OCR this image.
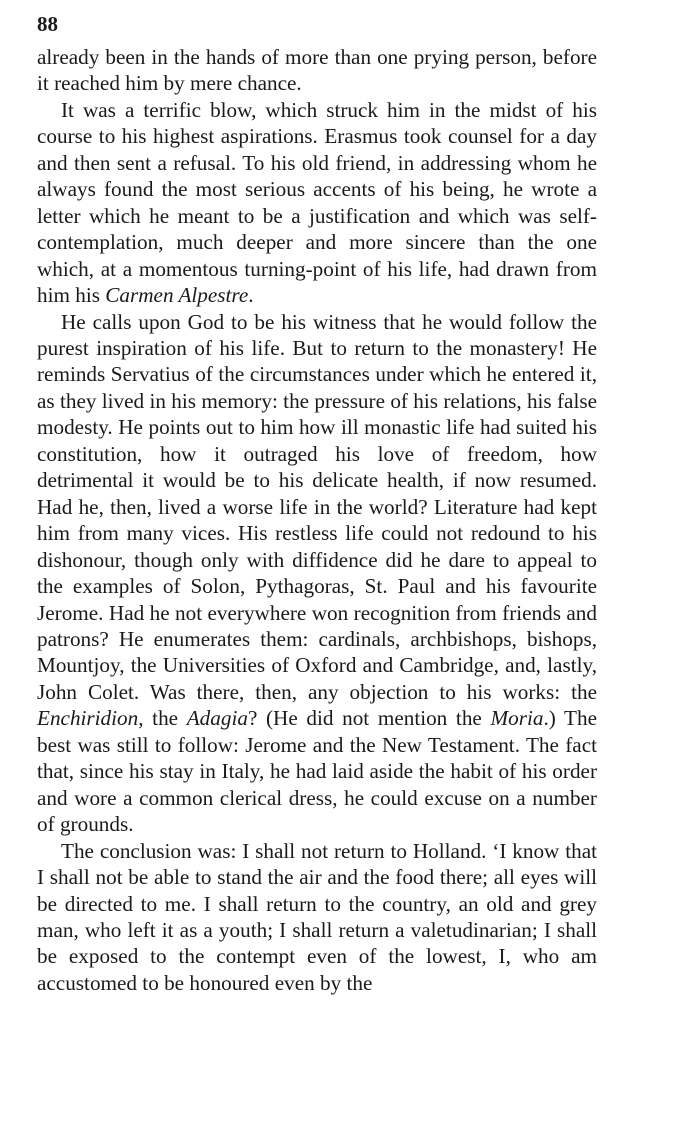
88

already been in the hands of more than one prying person, before it reached him by mere chance.

It was a terrific blow, which struck him in the midst of his course to his highest aspirations. Erasmus took counsel for a day and then sent a refusal. To his old friend, in addressing whom he always found the most serious accents of his being, he wrote a letter which he meant to be a justification and which was self-contemplation, much deeper and more sincere than the one which, at a momentous turning-point of his life, had drawn from him his Carmen Alpestre.

He calls upon God to be his witness that he would follow the purest inspiration of his life. But to return to the monastery! He reminds Servatius of the circumstances under which he entered it, as they lived in his memory: the pressure of his relations, his false modesty. He points out to him how ill monastic life had suited his constitution, how it outraged his love of freedom, how detrimental it would be to his delicate health, if now resumed. Had he, then, lived a worse life in the world? Literature had kept him from many vices. His restless life could not redound to his dishonour, though only with diffidence did he dare to appeal to the examples of Solon, Pythagoras, St. Paul and his favourite Jerome. Had he not everywhere won recognition from friends and patrons? He enumerates them: cardinals, archbishops, bishops, Mountjoy, the Universities of Oxford and Cambridge, and, lastly, John Colet. Was there, then, any objection to his works: the Enchiridion, the Adagia? (He did not mention the Moria.) The best was still to follow: Jerome and the New Testament. The fact that, since his stay in Italy, he had laid aside the habit of his order and wore a common clerical dress, he could excuse on a number of grounds.

The conclusion was: I shall not return to Holland. ‘I know that I shall not be able to stand the air and the food there; all eyes will be directed to me. I shall return to the country, an old and grey man, who left it as a youth; I shall return a valetudinarian; I shall be exposed to the contempt even of the lowest, I, who am accustomed to be honoured even by the
